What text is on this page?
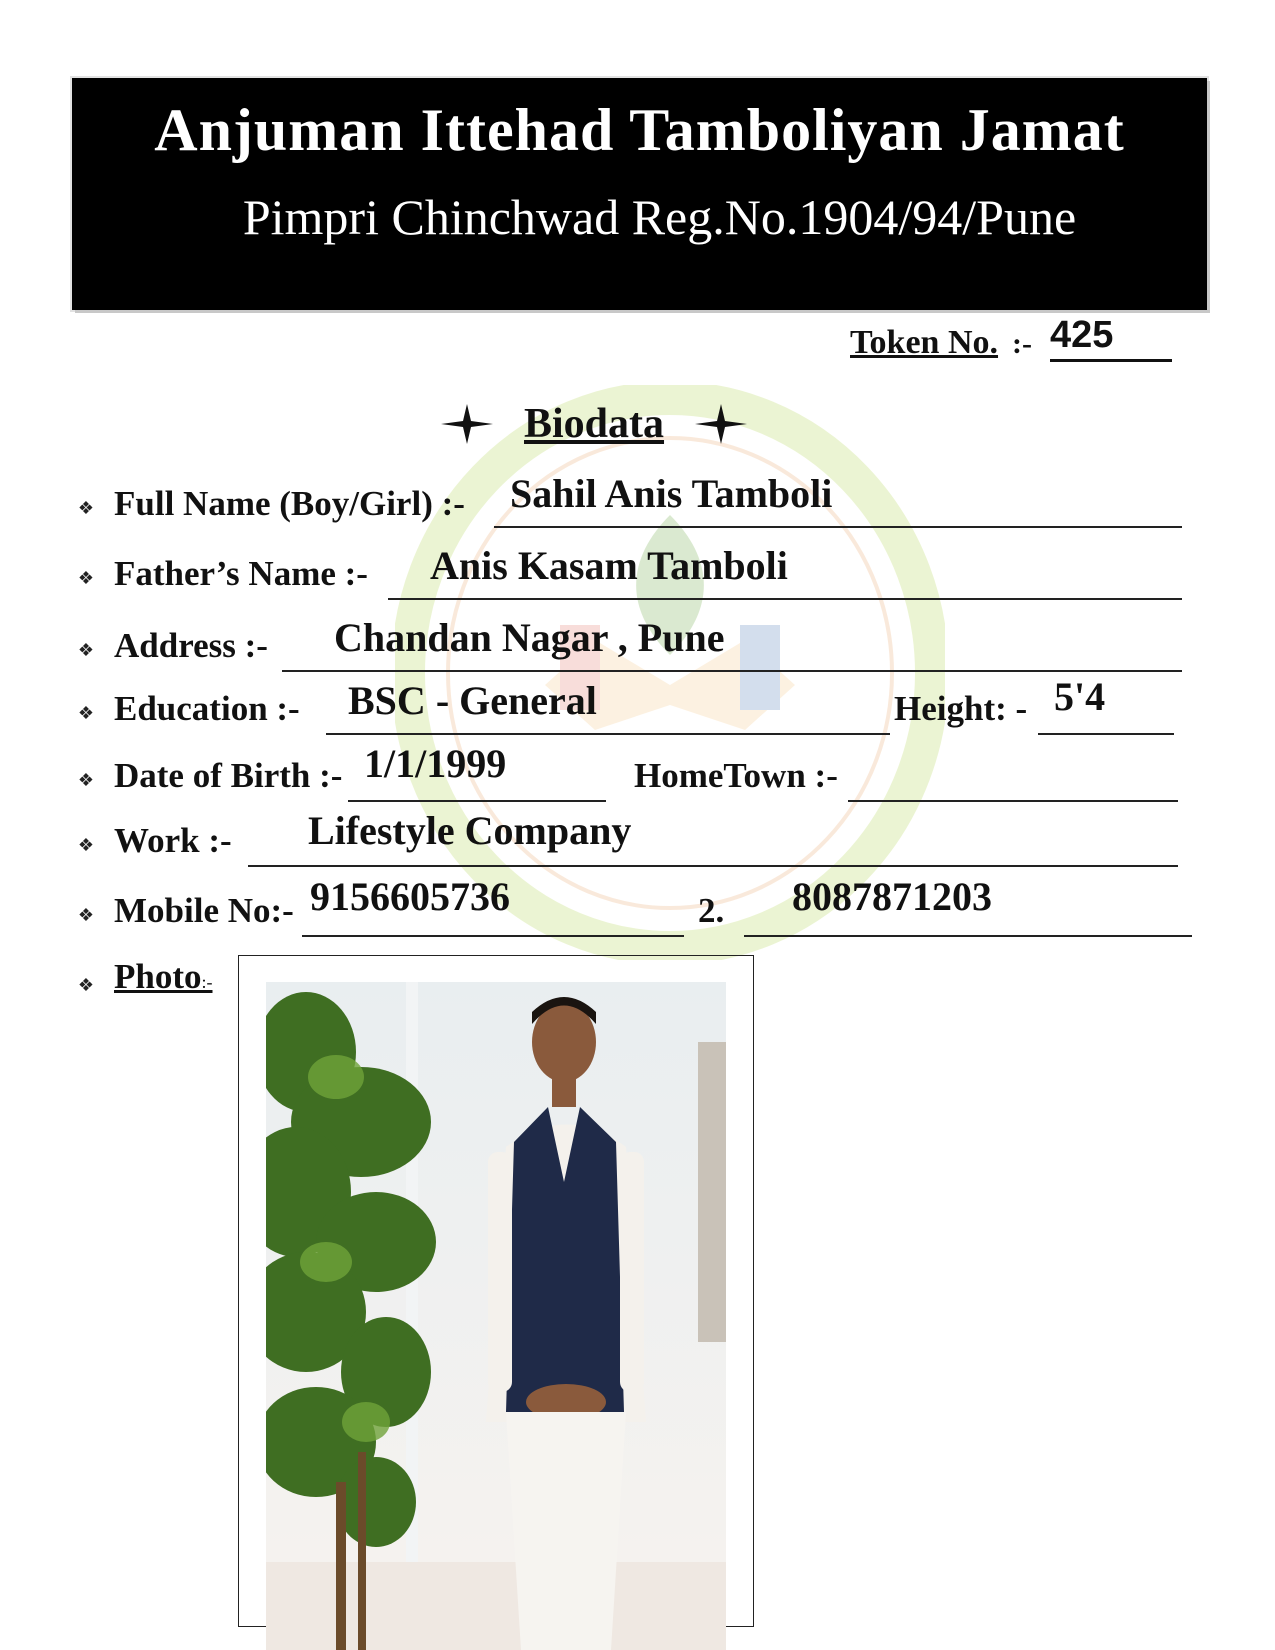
Anjuman Ittehad Tamboliyan Jamat
Pimpri Chinchwad Reg.No.1904/94/Pune
Token No. :- 425
Biodata
❖ Full Name (Boy/Girl) :- Sahil Anis Tamboli
❖ Father’s Name :- Anis Kasam Tamboli
❖ Address :- Chandan Nagar , Pune
❖ Education :- BSC - General	Height: - 5'4
❖ Date of Birth :- 1/1/1999	HomeTown :-
❖ Work :- Lifestyle Company
❖ Mobile No:- 9156605736	2. 8087871203
❖ Photo:-
